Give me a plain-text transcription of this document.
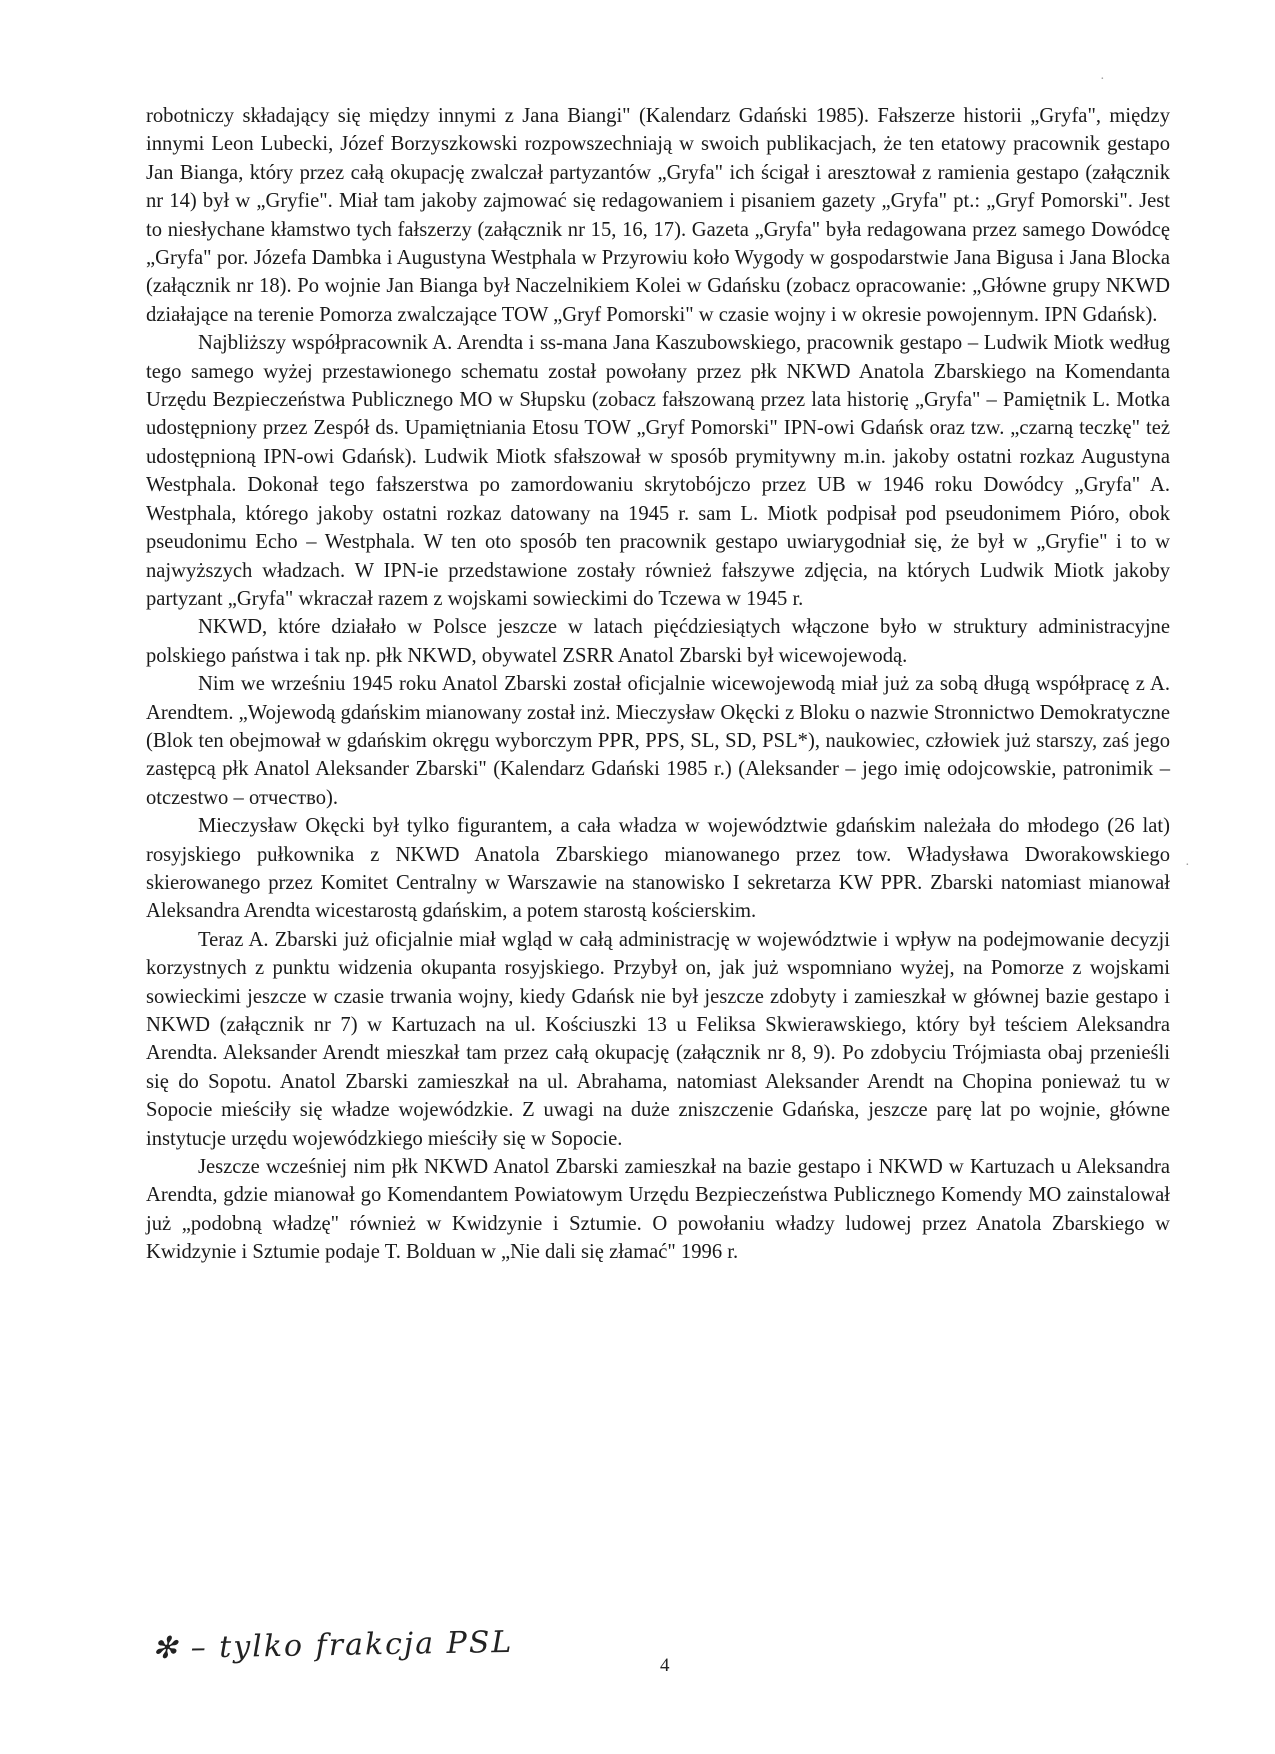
robotniczy składający się między innymi z Jana Biangi" (Kalendarz Gdański 1985). Fałszerze historii „Gryfa", między innymi Leon Lubecki, Józef Borzyszkowski rozpowszechniają w swoich publikacjach, że ten etatowy pracownik gestapo Jan Bianga, który przez całą okupację zwalczał partyzantów „Gryfa" ich ścigał i aresztował z ramienia gestapo (załącznik nr 14) był w „Gryfie". Miał tam jakoby zajmować się redagowaniem i pisaniem gazety „Gryfa" pt.: „Gryf Pomorski". Jest to niesłychane kłamstwo tych fałszerzy (załącznik nr 15, 16, 17). Gazeta „Gryfa" była redagowana przez samego Dowódcę „Gryfa" por. Józefa Dambka i Augustyna Westphala w Przyrowiu koło Wygody w gospodarstwie Jana Bigusa i Jana Blocka (załącznik nr 18). Po wojnie Jan Bianga był Naczelnikiem Kolei w Gdańsku (zobacz opracowanie: „Główne grupy NKWD działające na terenie Pomorza zwalczające TOW „Gryf Pomorski" w czasie wojny i w okresie powojennym. IPN Gdańsk).

Najbliższy współpracownik A. Arendta i ss-mana Jana Kaszubowskiego, pracownik gestapo – Ludwik Miotk według tego samego wyżej przestawionego schematu został powołany przez płk NKWD Anatola Zbarskiego na Komendanta Urzędu Bezpieczeństwa Publicznego MO w Słupsku (zobacz fałszowaną przez lata historię „Gryfa" – Pamiętnik L. Motka udostępniony przez Zespół ds. Upamiętniania Etosu TOW „Gryf Pomorski" IPN-owi Gdańsk oraz tzw. „czarną teczkę" też udostępnioną IPN-owi Gdańsk). Ludwik Miotk sfałszował w sposób prymitywny m.in. jakoby ostatni rozkaz Augustyna Westphala. Dokonał tego fałszerstwa po zamordowaniu skrytobójczo przez UB w 1946 roku Dowódcy „Gryfa" A. Westphala, którego jakoby ostatni rozkaz datowany na 1945 r. sam L. Miotk podpisał pod pseudonimem Pióro, obok pseudonimu Echo – Westphala. W ten oto sposób ten pracownik gestapo uwiarygodniał się, że był w „Gryfie" i to w najwyższych władzach. W IPN-ie przedstawione zostały również fałszywe zdjęcia, na których Ludwik Miotk jakoby partyzant „Gryfa" wkraczał razem z wojskami sowieckimi do Tczewa w 1945 r.

NKWD, które działało w Polsce jeszcze w latach pięćdziesiątych włączone było w struktury administracyjne polskiego państwa i tak np. płk NKWD, obywatel ZSRR Anatol Zbarski był wicewojewodą.

Nim we wrześniu 1945 roku Anatol Zbarski został oficjalnie wicewojewodą miał już za sobą długą współpracę z A. Arendtem. „Wojewodą gdańskim mianowany został inż. Mieczysław Okęcki z Bloku o nazwie Stronnictwo Demokratyczne (Blok ten obejmował w gdańskim okręgu wyborczym PPR, PPS, SL, SD, PSL*), naukowiec, człowiek już starszy, zaś jego zastępcą płk Anatol Aleksander Zbarski" (Kalendarz Gdański 1985 r.) (Aleksander – jego imię odojcowskie, patronimik – otczestwo – отчество).

Mieczysław Okęcki był tylko figurantem, a cała władza w województwie gdańskim należała do młodego (26 lat) rosyjskiego pułkownika z NKWD Anatola Zbarskiego mianowanego przez tow. Władysława Dworakowskiego skierowanego przez Komitet Centralny w Warszawie na stanowisko I sekretarza KW PPR. Zbarski natomiast mianował Aleksandra Arendta wicestarostą gdańskim, a potem starostą kościerskim.

Teraz A. Zbarski już oficjalnie miał wgląd w całą administrację w województwie i wpływ na podejmowanie decyzji korzystnych z punktu widzenia okupanta rosyjskiego. Przybył on, jak już wspomniano wyżej, na Pomorze z wojskami sowieckimi jeszcze w czasie trwania wojny, kiedy Gdańsk nie był jeszcze zdobyty i zamieszkał w głównej bazie gestapo i NKWD (załącznik nr 7) w Kartuzach na ul. Kościuszki 13 u Feliksa Skwierawskiego, który był teściem Aleksandra Arendta. Aleksander Arendt mieszkał tam przez całą okupację (załącznik nr 8, 9). Po zdobyciu Trójmiasta obaj przenieśli się do Sopotu. Anatol Zbarski zamieszkał na ul. Abrahama, natomiast Aleksander Arendt na Chopina ponieważ tu w Sopocie mieściły się władze wojewódzkie. Z uwagi na duże zniszczenie Gdańska, jeszcze parę lat po wojnie, główne instytucje urzędu wojewódzkiego mieściły się w Sopocie.

Jeszcze wcześniej nim płk NKWD Anatol Zbarski zamieszkał na bazie gestapo i NKWD w Kartuzach u Aleksandra Arendta, gdzie mianował go Komendantem Powiatowym Urzędu Bezpieczeństwa Publicznego Komendy MO zainstalował już „podobną władzę" również w Kwidzynie i Sztumie. O powołaniu władzy ludowej przez Anatola Zbarskiego w Kwidzynie i Sztumie podaje T. Bolduan w „Nie dali się złamać" 1996 r.

✻ – tylko frakcja PSL	4
·
·
